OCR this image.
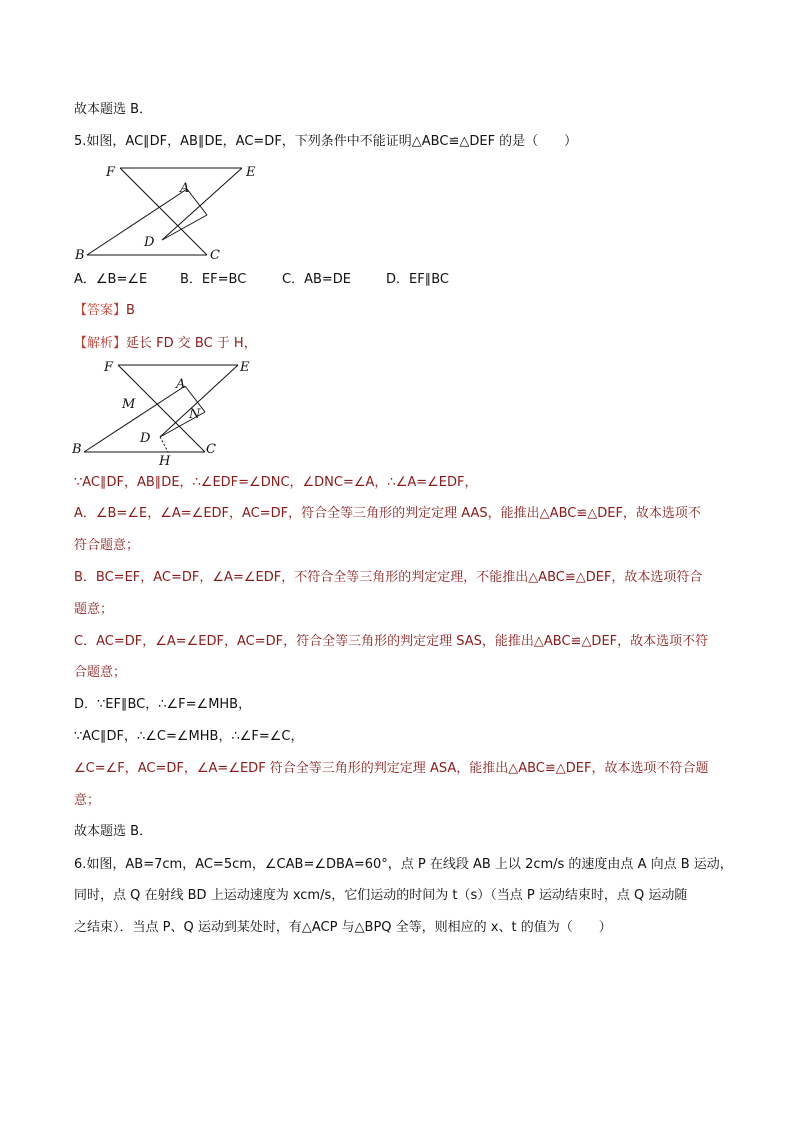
故本题选 B．
5.如图，AC∥DF，AB∥DE，AC=DF，下列条件中不能证明△ABC≌△DEF 的是（　　）
F	E
A
D
B	C
A．∠B=∠E	B．EF=BC	C．AB=DE	D．EF∥BC
【答案】B
【解析】延长 FD 交 BC 于 H，
F	E
A
M
N
D
B	C
H
∵AC∥DF，AB∥DE，∴∠EDF=∠DNC，∠DNC=∠A，∴∠A=∠EDF，
A．∠B=∠E，∠A=∠EDF，AC=DF，符合全等三角形的判定定理 AAS，能推出△ABC≌△DEF，故本选项不
符合题意；
B．BC=EF，AC=DF，∠A=∠EDF，不符合全等三角形的判定定理，不能推出△ABC≌△DEF，故本选项符合
题意；
C．AC=DF，∠A=∠EDF，AC=DF，符合全等三角形的判定定理 SAS，能推出△ABC≌△DEF，故本选项不符
合题意；
D．∵EF∥BC，∴∠F=∠MHB，
∵AC∥DF，∴∠C=∠MHB，∴∠F=∠C，
∠C=∠F，AC=DF，∠A=∠EDF 符合全等三角形的判定定理 ASA，能推出△ABC≌△DEF，故本选项不符合题
意；
故本题选 B．
6.如图，AB=7cm，AC=5cm，∠CAB=∠DBA=60°，点 P 在线段 AB 上以 2cm/s 的速度由点 A 向点 B 运动，
同时，点 Q 在射线 BD 上运动速度为 xcm/s，它们运动的时间为 t（s）（当点 P 运动结束时，点 Q 运动随
之结束）．当点 P、Q 运动到某处时，有△ACP 与△BPQ 全等，则相应的 x、t 的值为（　　）
